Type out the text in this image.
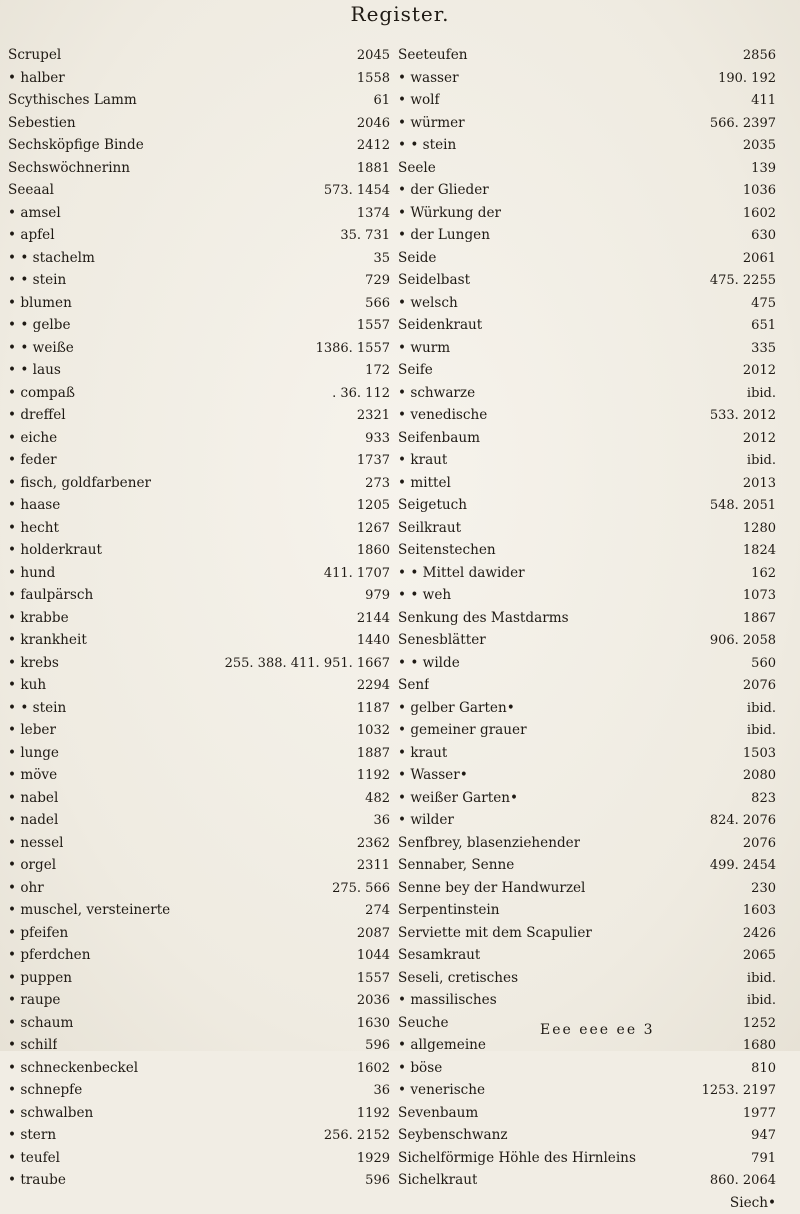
Register.
Scrupel	2045
• halber	1558
Scythisches Lamm	61
Sebestien	2046
Sechsköpfige Binde	2412
Sechswöchnerinn	1881
Seeaal	573. 1454
• amsel	1374
• apfel	35. 731
• • stachelm	35
• • stein	729
• blumen	566
• • gelbe	1557
• • weiße	1386. 1557
• • laus	172
• compaß	. 36. 112
• dreffel	2321
• eiche	933
• feder	1737
• fisch, goldfarbener	273
• haase	1205
• hecht	1267
• holderkraut	1860
• hund	411. 1707
• faulpärsch	979
• krabbe	2144
• krankheit	1440
• krebs	255. 388. 411. 951. 1667
• kuh	2294
• • stein	1187
• leber	1032
• lunge	1887
• möve	1192
• nabel	482
• nadel	36
• nessel	2362
• orgel	2311
• ohr	275. 566
• muschel, versteinerte	274
• pfeifen	2087
• pferdchen	1044
• puppen	1557
• raupe	2036
• schaum	1630
• schilf	596
• schneckenbeckel	1602
• schnepfe	36
• schwalben	1192
• stern	256. 2152
• teufel	1929
• traube	596
Seeteufen	2856
• wasser	190. 192
• wolf	411
• würmer	566. 2397
• • stein	2035
Seele	139
• der Glieder	1036
• Würkung der	1602
• der Lungen	630
Seide	2061
Seidelbast	475. 2255
• welsch	475
Seidenkraut	651
• wurm	335
Seife	2012
• schwarze	ibid.
• venedische	533. 2012
Seifenbaum	2012
• kraut	ibid.
• mittel	2013
Seigetuch	548. 2051
Seilkraut	1280
Seitenstechen	1824
• • Mittel dawider	162
• • weh	1073
Senkung des Mastdarms	1867
Senesblätter	906. 2058
• • wilde	560
Senf	2076
• gelber Garten•	ibid.
• gemeiner grauer	ibid.
• kraut	1503
• Wasser•	2080
• weißer Garten•	823
• wilder	824. 2076
Senfbrey, blasenziehender	2076
Sennaber, Senne	499. 2454
Senne bey der Handwurzel	230
Serpentinstein	1603
Serviette mit dem Scapulier	2426
Sesamkraut	2065
Seseli, cretisches	ibid.
• massilisches	ibid.
Seuche	1252
• allgemeine	1680
• böse	810
• venerische	1253. 2197
Sevenbaum	1977
Seybenschwanz	947
Sichelförmige Höhle des Hirnleins	791
Sichelkraut	860. 2064
Siech•
Eee eee ee 3
